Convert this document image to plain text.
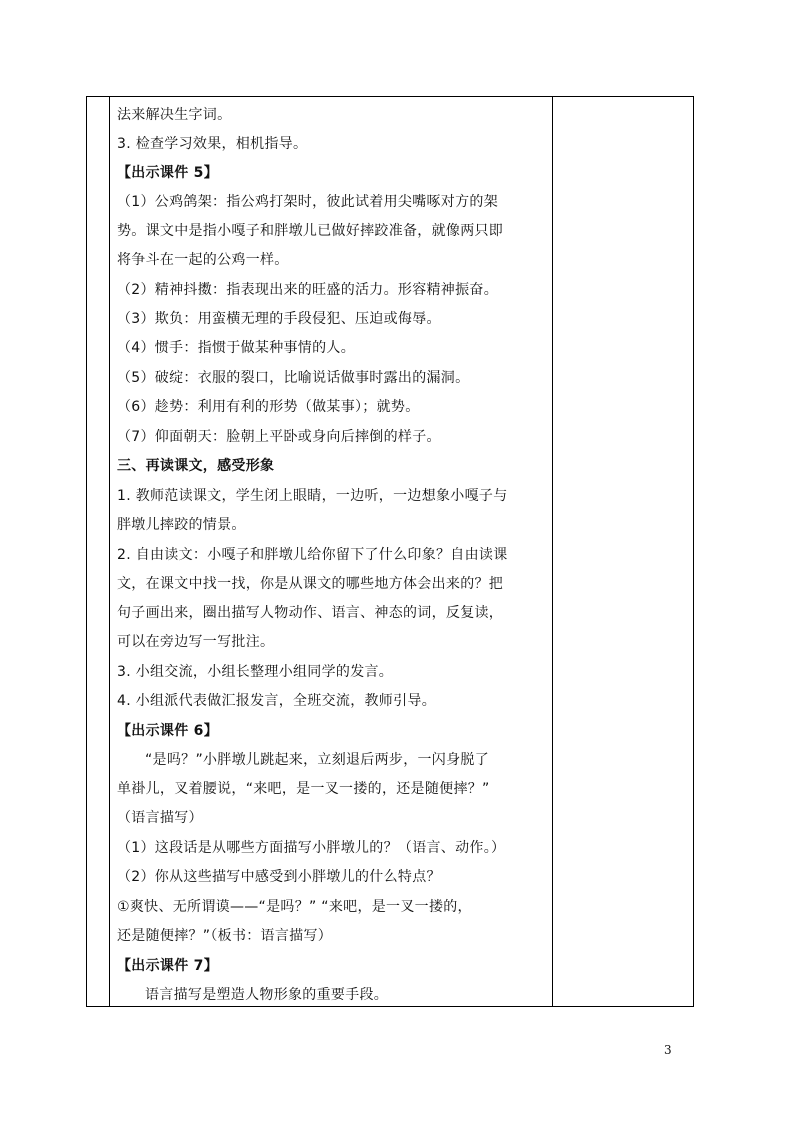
法来解决生字词。
3. 检查学习效果，相机指导。
【出示课件 5】
（1）公鸡鸽架：指公鸡打架时，彼此试着用尖嘴啄对方的架
势。课文中是指小嘎子和胖墩儿已做好摔跤准备，就像两只即
将争斗在一起的公鸡一样。
（2）精神抖擞：指表现出来的旺盛的活力。形容精神振奋。
（3）欺负：用蛮横无理的手段侵犯、压迫或侮辱。
（4）惯手：指惯于做某种事情的人。
（5）破绽：衣服的裂口，比喻说话做事时露出的漏洞。
（6）趁势：利用有利的形势（做某事）；就势。
（7）仰面朝天：脸朝上平卧或身向后摔倒的样子。
三、再读课文，感受形象
1. 教师范读课文，学生闭上眼睛，一边听，一边想象小嘎子与
胖墩儿摔跤的情景。
2. 自由读文：小嘎子和胖墩儿给你留下了什么印象？自由读课
文，在课文中找一找，你是从课文的哪些地方体会出来的？把
句子画出来，圈出描写人物动作、语言、神态的词，反复读，
可以在旁边写一写批注。
3. 小组交流，小组长整理小组同学的发言。
4. 小组派代表做汇报发言，全班交流，教师引导。
【出示课件 6】
“是吗？”小胖墩儿跳起来，立刻退后两步，一闪身脱了
单褂儿，叉着腰说，“来吧，是一叉一搂的，还是随便摔？”
（语言描写）
（1）这段话是从哪些方面描写小胖墩儿的？（语言、动作。）
（2）你从这些描写中感受到小胖墩儿的什么特点？
①爽快、无所谓谟——“是吗？” “来吧，是一叉一搂的，
还是随便摔？”（板书：语言描写）
【出示课件 7】
语言描写是塑造人物形象的重要手段。
3
